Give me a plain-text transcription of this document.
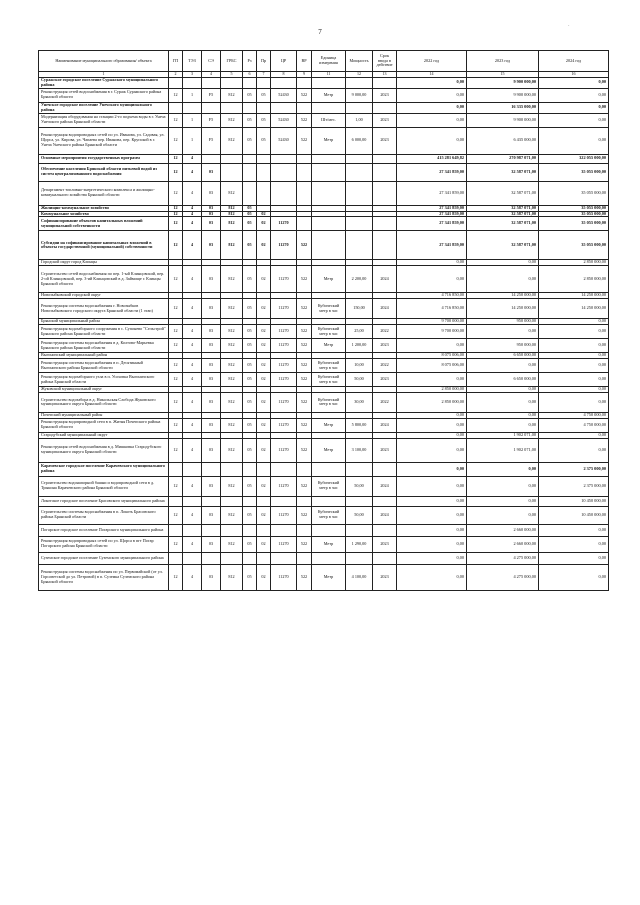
7
·
Наименование муниципального образования/ объекта	ГП	ТЭЗ	СЭ	ГРБС	Рз	Пр	ЦР	ВР	Единица измерения	Мощность	Срок ввода в действие	2022 год	2023 год	2024 год
1	2	3	4	5	6	7	8	9	11	12	13	14	15	16
Суражское городское поселение Суражского муниципального района												0,00	9 900 000,00	0,00
Реконструкция сетей водоснабжения в г. Сураж Суражского района Брянской области	12	1	F5	812	05	05	52430	522	Метр	9 000,00	2023	0,00	9 900 000,00	0,00
Унечское городское поселение Унечского муниципального района												0,00	16 335 000,00	0,00
Модернизация оборудования на станции 2-го подъема воды в г. Унеча Унечского района Брянской области	12	1	F5	812	05	05	52430	522	Шт/мес.	1,00	2023	0,00	9 900 000,00	0,00
Реконструкция водопроводных сетей по ул. Иванова, ул. Садовая, ул. Щорса, ул. Кирова, ул. Чапаева пер. Иванова, пер. Крупской в г. Унеча Унечского района Брянской области	12	1	F5	812	05	05	52430	522	Метр	6 000,00	2023	0,00	6 435 000,00	0,00
Основные мероприятия государственных программ	12	4										415 281 649,82	270 987 071,00	322 055 000,00
Обеспечение населения Брянской области питьевой водой из систем централизованного водоснабжения	12	4	03									27 341 859,00	32 587 071,00	35 055 000,00
Департамент топливно-энергетического комплекса и жилищно-коммунального хозяйства Брянской области	12	4	03	812								27 341 859,00	32 587 071,00	35 055 000,00
Жилищно-коммунальное хозяйство	12	4	03	812	05							27 341 859,00	32 587 071,00	35 055 000,00
Коммунальное хозяйство	12	4	03	812	05	02						27 341 859,00	32 587 071,00	35 055 000,00
Софинансирование объектов капитальных вложений муниципальной собственности	12	4	03	812	05	02	11270					27 341 859,00	32 587 071,00	35 055 000,00
Субсидии на софинансирование капитальных вложений в объекты государственной (муниципальной) собственности	12	4	03	812	05	02	11270	522				27 341 859,00	32 587 071,00	35 055 000,00
Городской округ город Клинцы												0,00	0,00	2 850 000,00
Строительство сетей водоснабжения по пер. 1-ый Клинцовский, пер. 2-ой Клинцовский, пер. 3-ий Клинцовский в д. Займище г. Клинцы Брянской области	12	4	03	812	05	02	11270	522	Метр	2 200,00	2024	0,00	0,00	2 850 000,00
Новозыбковский городской округ												4 716 850,00	14 250 000,00	14 250 000,00
Реконструкция системы водоснабжения г. Новозыбков Новозыбковского городского округа Брянской области (1 этап)	12	4	03	812	05	02	11270	522	Кубический метр в час	150,00	2024	4 716 850,00	14 250 000,00	14 250 000,00
Брянский муниципальный район												9 700 000,00	950 000,00	0,00
Реконструкция водозаборного сооружения в с. Супонево "Сельстрой" Брянского района Брянской области	12	4	03	812	05	02	11270	522	Кубический метр в час	25,00	2022	9 700 000,00	0,00	0,00
Реконструкция системы водоснабжения в д. Колтово-Марьевка Брянского района Брянской области	12	4	03	812	05	02	11270	522	Метр	1 200,00	2023	0,00	950 000,00	0,00
Выгоничский муниципальный район												8 075 006,00	6 650 000,00	0,00
Реконструкция системы водоснабжения в п. Десятинный Выгоничского района Брянской области	12	4	03	812	05	02	11270	522	Кубический метр в час	10,00	2022	8 075 006,00	0,00	0,00
Реконструкция водозаборного узла в п. Усоховка Выгоничского района Брянской области	12	4	03	812	05	02	11270	522	Кубический метр в час	50,00	2023	0,00	6 650 000,00	0,00
Жуковский муниципальный округ												2 850 000,00	0,00	0,00
Строительство водозабора в д. Никольская Слобода Жуковского муниципального округа Брянской области	12	4	03	812	05	02	11270	522	Кубический метр в час	30,00	2022	2 850 000,00	0,00	0,00
Почепский муниципальный район												0,00	0,00	4 750 000,00
Реконструкция водопроводной сети в п. Житня Почепского района Брянской области	12	4	03	812	05	02	11270	522	Метр	5 800,00	2024	0,00	0,00	4 750 000,00
Стародубский муниципальный округ												0,00	1 902 071,00	0,00
Реконструкция сетей водоснабжения в д. Мишковка Стародубского муниципального округа Брянской области	12	4	03	812	05	02	11270	522	Метр	3 100,00	2023	0,00	1 902 071,00	0,00
Карачевское городское поселение Карачевского муниципального района												0,00	0,00	2 375 000,00
Строительство водонапорной башни и водопроводной сети в д. Трыкина Карачевского района Брянской области	12	4	03	812	05	02	11270	522	Кубический метр в час	50,00	2024	0,00	0,00	2 375 000,00
Локотское городское поселение Брасовского муниципального района												0,00	0,00	10 450 000,00
Строительство системы водоснабжения в п. Локоть Брасовского района Брянской области	12	4	03	812	05	02	11270	522	Кубический метр в час	50,00	2024	0,00	0,00	10 450 000,00
Погарское городское поселение Погарского муниципального района												0,00	2 660 000,00	0,00
Реконструкция водопроводных сетей по ул. Щорса в пгт Погар Погарского района Брянской области	12	4	03	812	05	02	11270	522	Метр	1 290,00	2023	0,00	2 660 000,00	0,00
Суземское городское поселение Суземского муниципального района												0,00	4 275 000,00	0,00
Реконструкция системы водоснабжения по ул. Первомайской (от ул. Горсоветской до ул. Петровой) в п. Суземка Суземского района Брянской области	12	4	03	812	05	02	11270	522	Метр	4 100,00	2023	0,00	4 275 000,00	0,00
